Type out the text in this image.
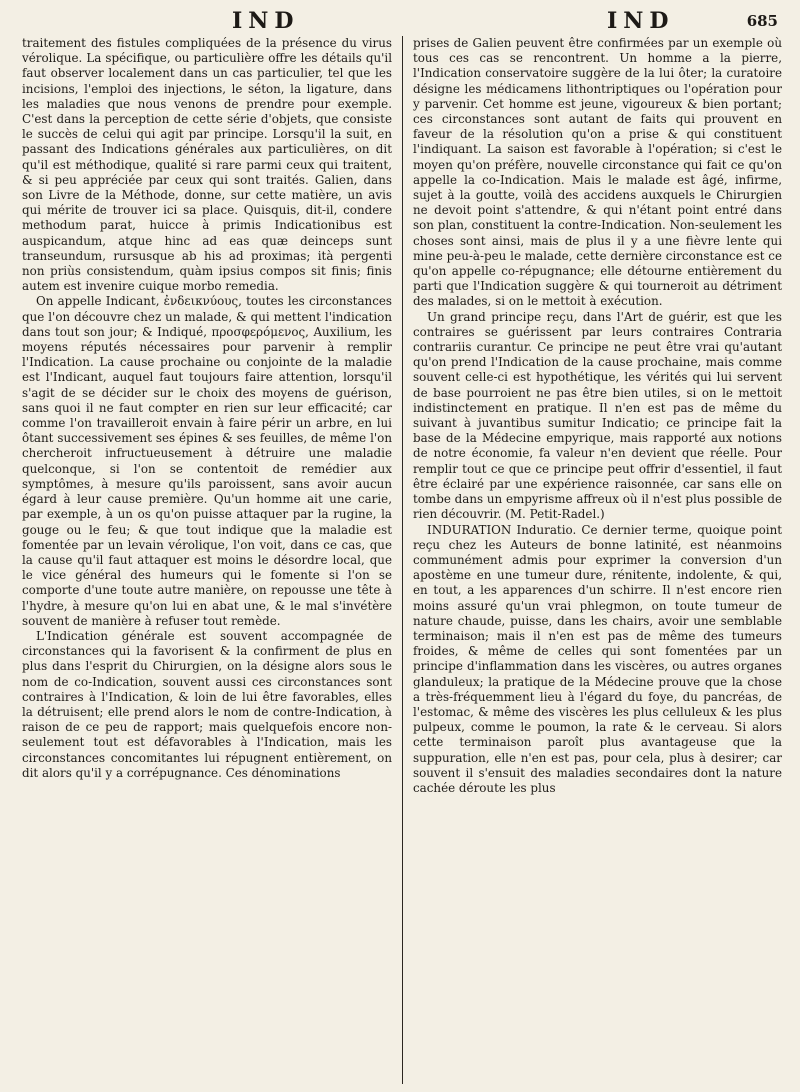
IND	IND	685

traitement des fistules compliquées de la présence du virus vérolique. La spécifique, ou particulière offre les détails qu'il faut observer localement dans un cas particulier, tel que les incisions, l'emploi des injections, le séton, la ligature, dans les maladies que nous venons de prendre pour exemple. C'est dans la perception de cette série d'objets, que consiste le succès de celui qui agit par principe. Lorsqu'il la suit, en passant des Indications générales aux particulières, on dit qu'il est méthodique, qualité si rare parmi ceux qui traitent, & si peu appréciée par ceux qui sont traités. Galien, dans son Livre de la Méthode, donne, sur cette matière, un avis qui mérite de trouver ici sa place. Quisquis, dit-il, condere methodum parat, huicce à primis Indicationibus est auspicandum, atque hinc ad eas quæ deinceps sunt transeundum, rursusque ab his ad proximas; ità pergenti non priùs consistendum, quàm ipsius compos sit finis; finis autem est invenire cuique morbo remedia.

On appelle Indicant, ἐνδεικνύους, toutes les circonstances que l'on découvre chez un malade, & qui mettent l'indication dans tout son jour; & Indiqué, προσφερόμενος, Auxilium, les moyens réputés nécessaires pour parvenir à remplir l'Indication. La cause prochaine ou conjointe de la maladie est l'Indicant, auquel faut toujours faire attention, lorsqu'il s'agit de se décider sur le choix des moyens de guérison, sans quoi il ne faut compter en rien sur leur efficacité; car comme l'on travailleroit envain à faire périr un arbre, en lui ôtant successivement ses épines & ses feuilles, de même l'on chercheroit infructueusement à détruire une maladie quelconque, si l'on se contentoit de remédier aux symptômes, à mesure qu'ils paroissent, sans avoir aucun égard à leur cause première. Qu'un homme ait une carie, par exemple, à un os qu'on puisse attaquer par la rugine, la gouge ou le feu; & que tout indique que la maladie est fomentée par un levain vérolique, l'on voit, dans ce cas, que la cause qu'il faut attaquer est moins le désordre local, que le vice général des humeurs qui le fomente si l'on se comporte d'une toute autre manière, on repousse une tête à l'hydre, à mesure qu'on lui en abat une, & le mal s'invétère souvent de manière à refuser tout remède.

L'Indication générale est souvent accompagnée de circonstances qui la favorisent & la confirment de plus en plus dans l'esprit du Chirurgien, on la désigne alors sous le nom de co-Indication, souvent aussi ces circonstances sont contraires à l'Indication, & loin de lui être favorables, elles la détruisent; elle prend alors le nom de contre-Indication, à raison de ce peu de rapport; mais quelquefois encore non-seulement tout est défavorables à l'Indication, mais les circonstances concomitantes lui répugnent entièrement, on dit alors qu'il y a corrépugnance. Ces dénominations

prises de Galien peuvent être confirmées par un exemple où tous ces cas se rencontrent. Un homme a la pierre, l'Indication conservatoire suggère de la lui ôter; la curatoire désigne les médicamens lithontriptiques ou l'opération pour y parvenir. Cet homme est jeune, vigoureux & bien portant; ces circonstances sont autant de faits qui prouvent en faveur de la résolution qu'on a prise & qui constituent l'indiquant. La saison est favorable à l'opération; si c'est le moyen qu'on préfère, nouvelle circonstance qui fait ce qu'on appelle la co-Indication. Mais le malade est âgé, infirme, sujet à la goutte, voilà des accidens auxquels le Chirurgien ne devoit point s'attendre, & qui n'étant point entré dans son plan, constituent la contre-Indication. Non-seulement les choses sont ainsi, mais de plus il y a une fièvre lente qui mine peu-à-peu le malade, cette dernière circonstance est ce qu'on appelle co-répugnance; elle détourne entièrement du parti que l'Indication suggère & qui tourneroit au détriment des malades, si on le mettoit à exécution.

Un grand principe reçu, dans l'Art de guérir, est que les contraires se guérissent par leurs contraires Contraria contrariis curantur. Ce principe ne peut être vrai qu'autant qu'on prend l'Indication de la cause prochaine, mais comme souvent celle-ci est hypothétique, les vérités qui lui servent de base pourroient ne pas être bien utiles, si on le mettoit indistinctement en pratique. Il n'en est pas de même du suivant à juvantibus sumitur Indicatio; ce principe fait la base de la Médecine empyrique, mais rapporté aux notions de notre économie, fa valeur n'en devient que réelle. Pour remplir tout ce que ce principe peut offrir d'essentiel, il faut être éclairé par une expérience raisonnée, car sans elle on tombe dans un empyrisme affreux où il n'est plus possible de rien découvrir. (M. Petit-Radel.)

INDURATION Induratio. Ce dernier terme, quoique point reçu chez les Auteurs de bonne latinité, est néanmoins communément admis pour exprimer la conversion d'un apostème en une tumeur dure, rénitente, indolente, & qui, en tout, a les apparences d'un schirre. Il n'est encore rien moins assuré qu'un vrai phlegmon, on toute tumeur de nature chaude, puisse, dans les chairs, avoir une semblable terminaison; mais il n'en est pas de même des tumeurs froides, & même de celles qui sont fomentées par un principe d'inflammation dans les viscères, ou autres organes glanduleux; la pratique de la Médecine prouve que la chose a très-fréquemment lieu à l'égard du foye, du pancréas, de l'estomac, & même des viscères les plus celluleux & les plus pulpeux, comme le poumon, la rate & le cerveau. Si alors cette terminaison paroît plus avantageuse que la suppuration, elle n'en est pas, pour cela, plus à desirer; car souvent il s'ensuit des maladies secondaires dont la nature cachée déroute les plus
